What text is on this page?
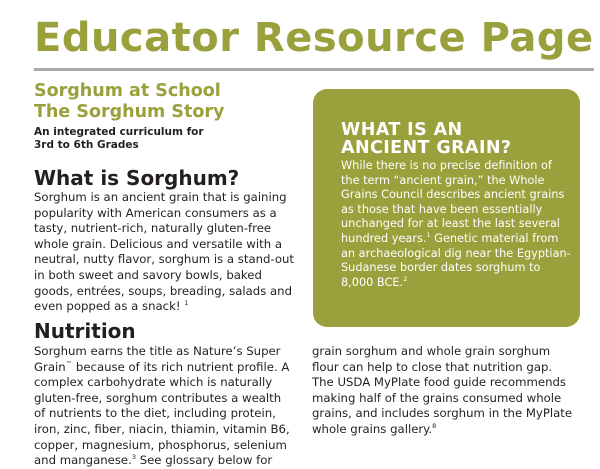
Educator Resource Page
Sorghum at School
The Sorghum Story

An integrated curriculum for
3rd to 6th Grades

What is Sorghum?

Sorghum is an ancient grain that is gaining popularity with American consumers as a tasty, nutrient-rich, naturally gluten-free whole grain. Delicious and versatile with a neutral, nutty flavor, sorghum is a stand-out in both sweet and savory bowls, baked goods, entrées, soups, breading, salads and even popped as a snack! $^1$

WHAT IS AN
ANCIENT GRAIN?

While there is no precise definition of the term “ancient grain,” the Whole Grains Council describes ancient grains as those that have been essentially unchanged for at least the last several hundred years.$^1$ Genetic material from an archaeological dig near the Egyptian-Sudanese border dates sorghum to 8,000 BCE.$^2$

Nutrition

Sorghum earns the title as Nature’s Super Grain™ because of its rich nutrient profile. A complex carbohydrate which is naturally gluten-free, sorghum contributes a wealth of nutrients to the diet, including protein, iron, zinc, fiber, niacin, thiamin, vitamin B6, copper, magnesium, phosphorus, selenium and manganese.$^3$ See glossary below for

grain sorghum and whole grain sorghum flour can help to close that nutrition gap. The USDA MyPlate food guide recommends making half of the grains consumed whole grains, and includes sorghum in the MyPlate whole grains gallery.$^8$
